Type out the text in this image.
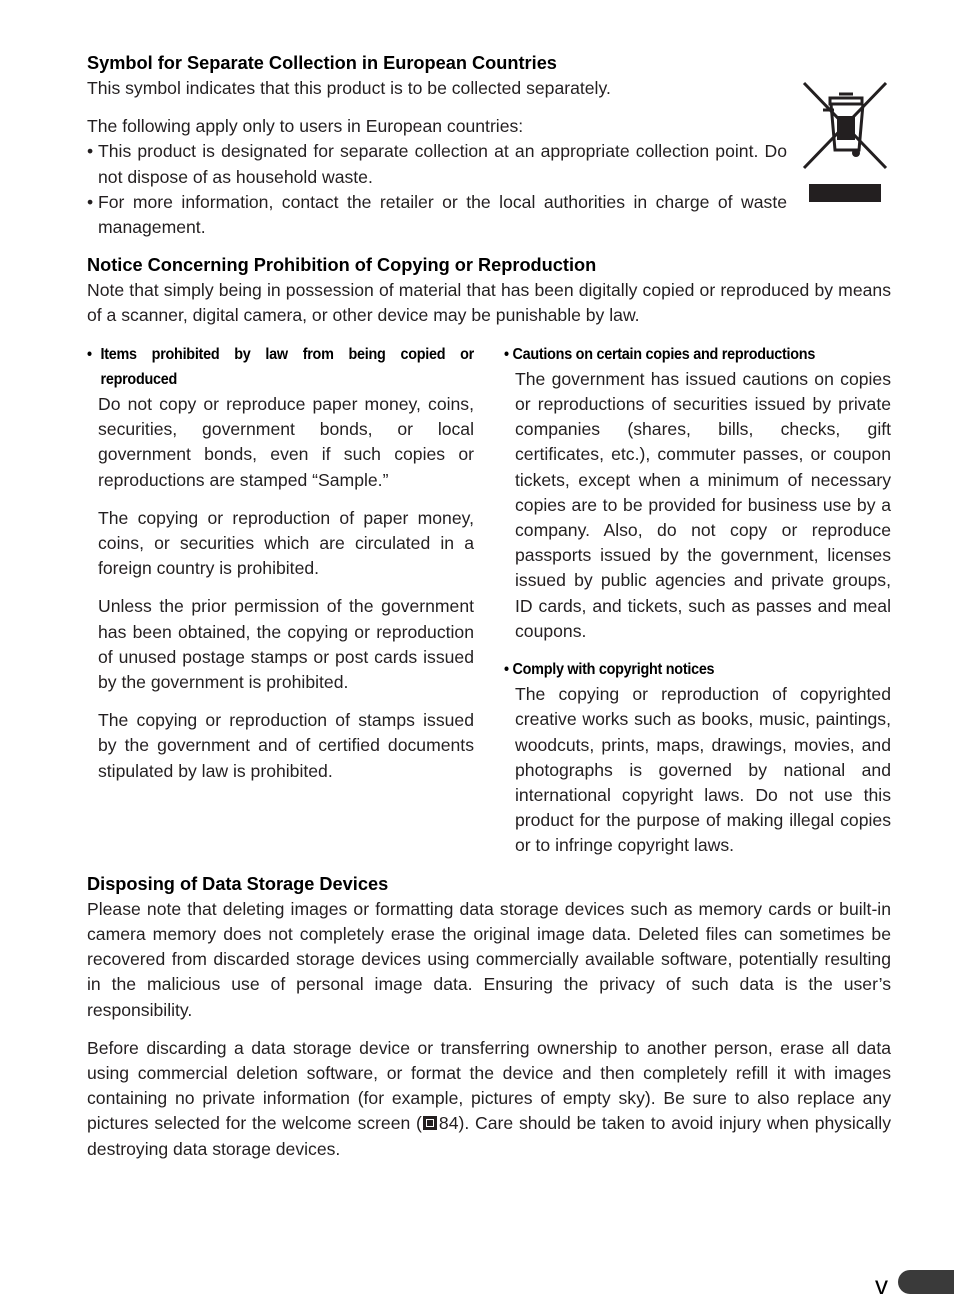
Symbol for Separate Collection in European Countries

This symbol indicates that this product is to be collected separately.

The following apply only to users in European countries:

• This product is designated for separate collection at an appropriate collection point. Do not dispose of as household waste.
• For more information, contact the retailer or the local authorities in charge of waste management.
Notice Concerning Prohibition of Copying or Reproduction

Note that simply being in possession of material that has been digitally copied or reproduced by means of a scanner, digital camera, or other device may be punishable by law.

• Items prohibited by law from being copied or reproduced

Do not copy or reproduce paper money, coins, securities, government bonds, or local government bonds, even if such copies or reproductions are stamped “Sample.”

The copying or reproduction of paper money, coins, or securities which are circulated in a foreign country is prohibited.

Unless the prior permission of the government has been obtained, the copying or reproduction of unused postage stamps or post cards issued by the government is prohibited.

The copying or reproduction of stamps issued by the government and of certified documents stipulated by law is prohibited.

• Cautions on certain copies and reproductions

The government has issued cautions on copies or reproductions of securities issued by private companies (shares, bills, checks, gift certificates, etc.), commuter passes, or coupon tickets, except when a minimum of necessary copies are to be provided for business use by a company. Also, do not copy or reproduce passports issued by the government, licenses issued by public agencies and private groups, ID cards, and tickets, such as passes and meal coupons.

• Comply with copyright notices

The copying or reproduction of copyrighted creative works such as books, music, paintings, woodcuts, prints, maps, drawings, movies, and photographs is governed by national and international copyright laws. Do not use this product for the purpose of making illegal copies or to infringe copyright laws.

Disposing of Data Storage Devices

Please note that deleting images or formatting data storage devices such as memory cards or built-in camera memory does not completely erase the original image data. Deleted files can sometimes be recovered from discarded storage devices using commercially available software, potentially resulting in the malicious use of personal image data. Ensuring the privacy of such data is the user’s responsibility.

Before discarding a data storage device or transferring ownership to another person, erase all data using commercial deletion software, or format the device and then completely refill it with images containing no private information (for example, pictures of empty sky). Be sure to also replace any pictures selected for the welcome screen ( 84). Care should be taken to avoid injury when physically destroying data storage devices.

v
